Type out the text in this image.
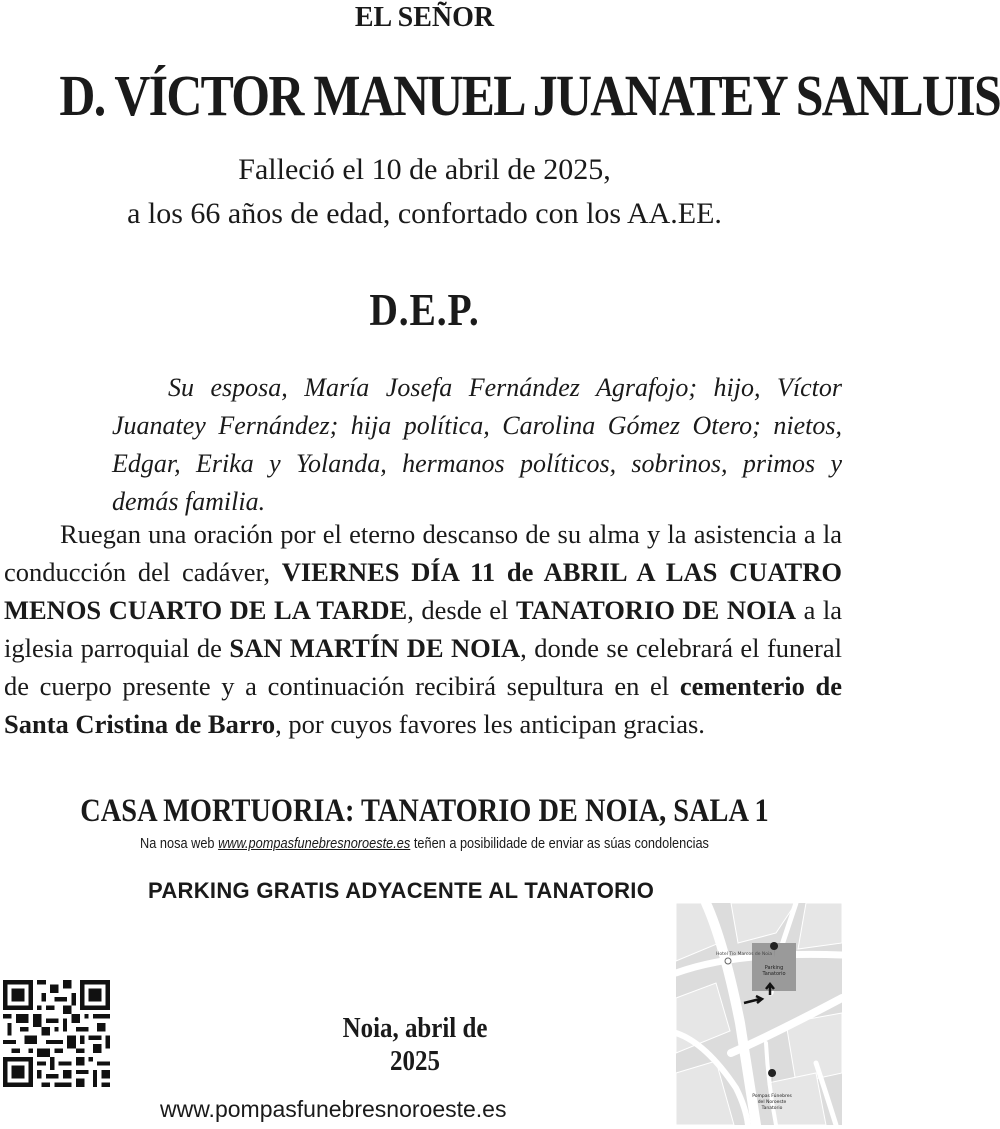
EL SEÑOR
D. VÍCTOR MANUEL JUANATEY SANLUIS
Falleció el 10 de abril de 2025,
a los 66 años de edad, confortado con los AA.EE.
D.E.P.
Su esposa, María Josefa Fernández Agrafojo; hijo, Víctor Juanatey Fernández; hija política, Carolina Gómez Otero; nietos, Edgar, Erika y Yolanda, hermanos políticos, sobrinos, primos y demás familia.
Ruegan una oración por el eterno descanso de su alma y la asistencia a la conducción del cadáver, VIERNES DÍA 11 de ABRIL A LAS CUATRO MENOS CUARTO DE LA TARDE, desde el TANATORIO DE NOIA a la iglesia parroquial de SAN MARTÍN DE NOIA, donde se celebrará el funeral de cuerpo presente y a continuación recibirá sepultura en el cementerio de Santa Cristina de Barro, por cuyos favores les anticipan gracias.
CASA MORTUORIA: TANATORIO DE NOIA, SALA 1
Na nosa web www.pompasfunebresnoroeste.es teñen a posibilidade de enviar as súas condolencias
PARKING GRATIS ADYACENTE AL TANATORIO
Noia, abril de 2025
www.pompasfunebresnoroeste.es
Parking
Tanatorio
Hotel Tío Marcos de Noia
Pompas Fúnebres
del Noroeste
Tanatorio
